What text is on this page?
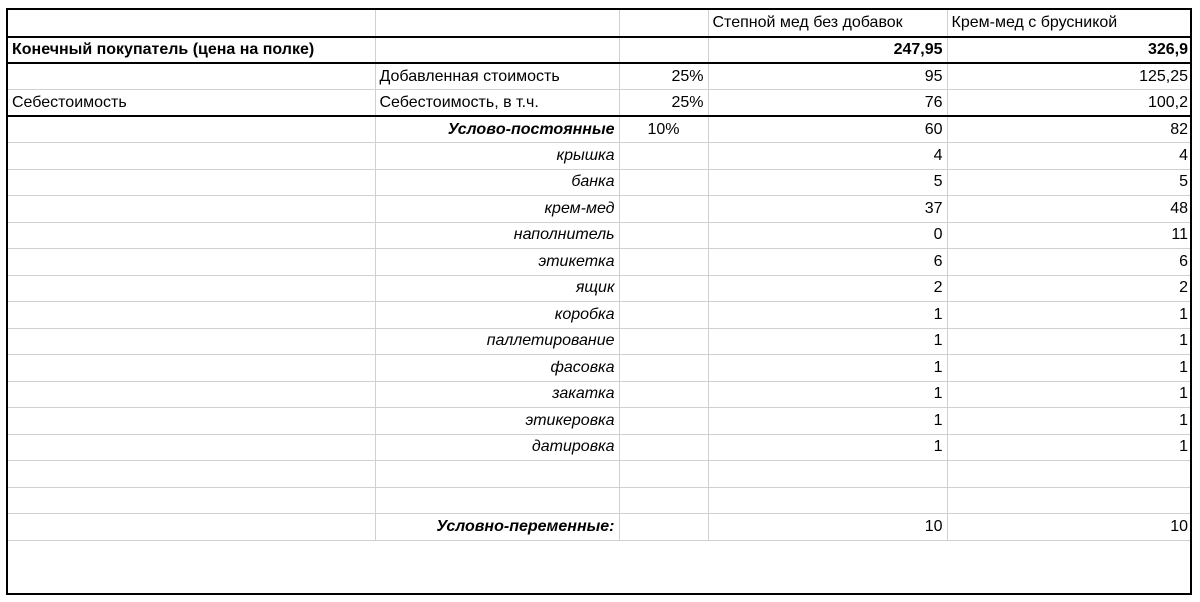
			Степной мед без добавок	Крем-мед с брусникой
Конечный покупатель (цена на полке)			247,95	326,9
	Добавленная стоимость	25%	95	125,25
Себестоимость	Себестоимость, в т.ч.	25%	76	100,2
	Условo-постоянные	10%	60	82
	крышка		4	4
	банка		5	5
	крем-мед		37	48
	наполнитель		0	11
	этикетка		6	6
	ящик		2	2
	коробка		1	1
	паллетирование		1	1
	фасовка		1	1
	закатка		1	1
	этикеровка		1	1
	датировка		1	1

	Условно-переменные:		10	10
